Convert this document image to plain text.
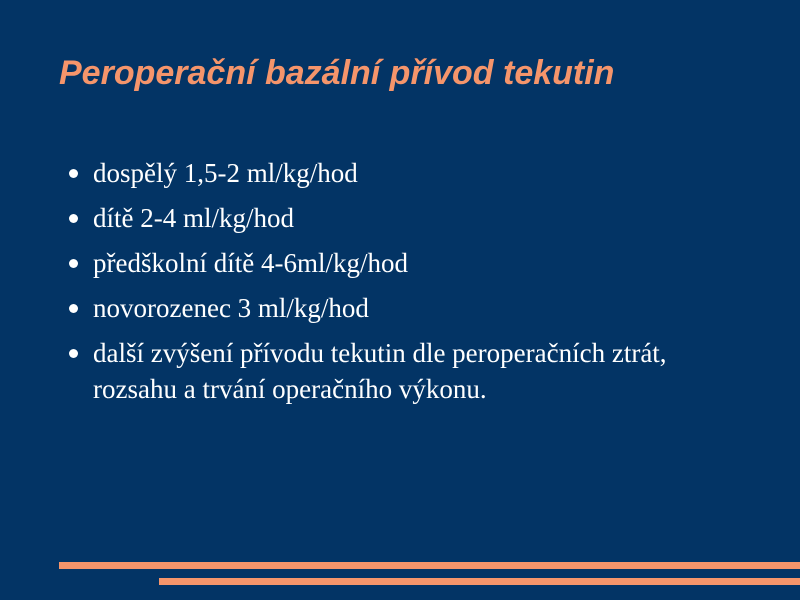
Peroperační bazální přívod tekutin
dospělý 1,5-2 ml/kg/hod
dítě 2-4 ml/kg/hod
předškolní dítě 4-6ml/kg/hod
novorozenec 3 ml/kg/hod
další zvýšení přívodu tekutin dle peroperačních ztrát, rozsahu a trvání operačního výkonu.
